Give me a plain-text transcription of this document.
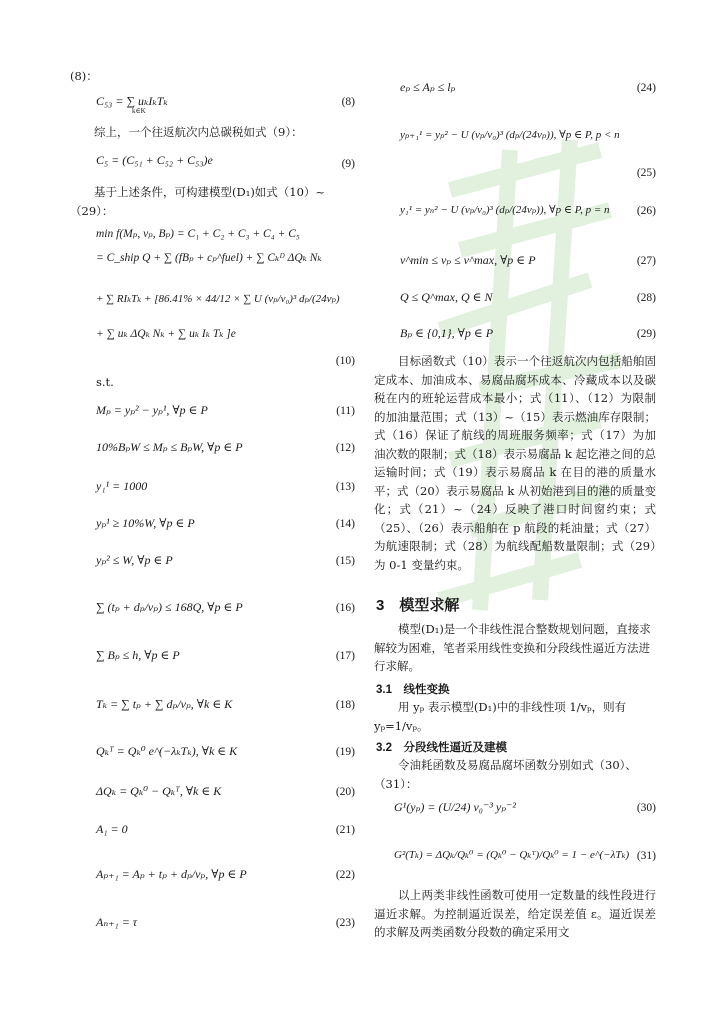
(8)：
C₅₃ = ∑ uₖIₖTₖ
k∈K
(8)
综上，一个往返航次内总碳税如式（9）：
C₅ = (C₅₁ + C₅₂ + C₅₃)e	(9)
基于上述条件，可构建模型(D₁)如式（10）~（29）：
min f(Mₚ, vₚ, Bₚ) = C₁ + C₂ + C₃ + C₄ + C₅
= C_ship Q + ∑ (fBₚ + cₚ^fuel) + ∑ Cₖᴰ ΔQₖ Nₖ
+ ∑ RIₖTₖ + [86.41% × 44/12 × ∑ U (vₚ/v₀)³ dₚ/(24vₚ)
+ ∑ uₖ ΔQₖ Nₖ + ∑ uₖ Iₖ Tₖ ]e
(10)
s.t.
Mₚ = yₚ² − yₚ¹, ∀p ∈ P	(11)
10%BₚW ≤ Mₚ ≤ BₚW, ∀p ∈ P	(12)
y₁¹ = 1000	(13)
yₚ¹ ≥ 10%W, ∀p ∈ P	(14)
yₚ² ≤ W, ∀p ∈ P	(15)
∑ (tₚ + dₚ/vₚ) ≤ 168Q, ∀p ∈ P	(16)
∑ Bₚ ≤ h, ∀p ∈ P	(17)
Tₖ = ∑ tₚ + ∑ dₚ/vₚ, ∀k ∈ K	(18)
Qₖᵀ = Qₖ⁰ e^(−λₖTₖ), ∀k ∈ K	(19)
ΔQₖ = Qₖ⁰ − Qₖᵀ, ∀k ∈ K	(20)
A₁ = 0	(21)
Aₚ₊₁ = Aₚ + tₚ + dₚ/vₚ, ∀p ∈ P	(22)
Aₙ₊₁ = τ	(23)
eₚ ≤ Aₚ ≤ lₚ	(24)
yₚ₊₁¹ = yₚ² − U (vₚ/v₀)³ (dₚ/(24vₚ)), ∀p ∈ P, p < n
(25)
y₁¹ = yₙ² − U (vₚ/v₀)³ (dₚ/(24vₚ)), ∀p ∈ P, p = n (26)
v^min ≤ vₚ ≤ v^max, ∀p ∈ P	(27)
Q ≤ Q^max, Q ∈ N	(28)
Bₚ ∈ {0,1}, ∀p ∈ P	(29)
目标函数式（10）表示一个往返航次内包括船舶固定成本、加油成本、易腐品腐坏成本、冷藏成本以及碳税在内的班轮运营成本最小；式（11）、（12）为限制的加油量范围；式（13）~（15）表示燃油库存限制；式（16）保证了航线的周班服务频率；式（17）为加油次数的限制；式（18）表示易腐品 k 起讫港之间的总运输时间；式（19）表示易腐品 k 在目的港的质量水平；式（20）表示易腐品 k 从初始港到目的港的质量变化；式（21）~（24）反映了港口时间窗约束；式（25）、（26）表示船舶在 p 航段的耗油量；式（27）为航速限制；式（28）为航线配船数量限制；式（29）为 0-1 变量约束。
3　模型求解
模型(D₁)是一个非线性混合整数规划问题，直接求解较为困难，笔者采用线性变换和分段线性逼近方法进行求解。
3.1　线性变换
用 yₚ 表示模型(D₁)中的非线性项 1/vₚ，则有 yₚ=1/vₚ。
3.2　分段线性逼近及建模
令油耗函数及易腐品腐坏函数分别如式（30）、（31）：
G¹(yₚ) = (U/24) v₀⁻³ yₚ⁻²	(30)
G²(Tₖ) = ΔQₖ/Qₖ⁰ = (Qₖ⁰ − Qₖᵀ)/Qₖ⁰ = 1 − e^(−λTₖ) (31)
以上两类非线性函数可使用一定数量的线性段进行逼近求解。为控制逼近误差，给定误差值 ε。逼近误差的求解及两类函数分段数的确定采用文
